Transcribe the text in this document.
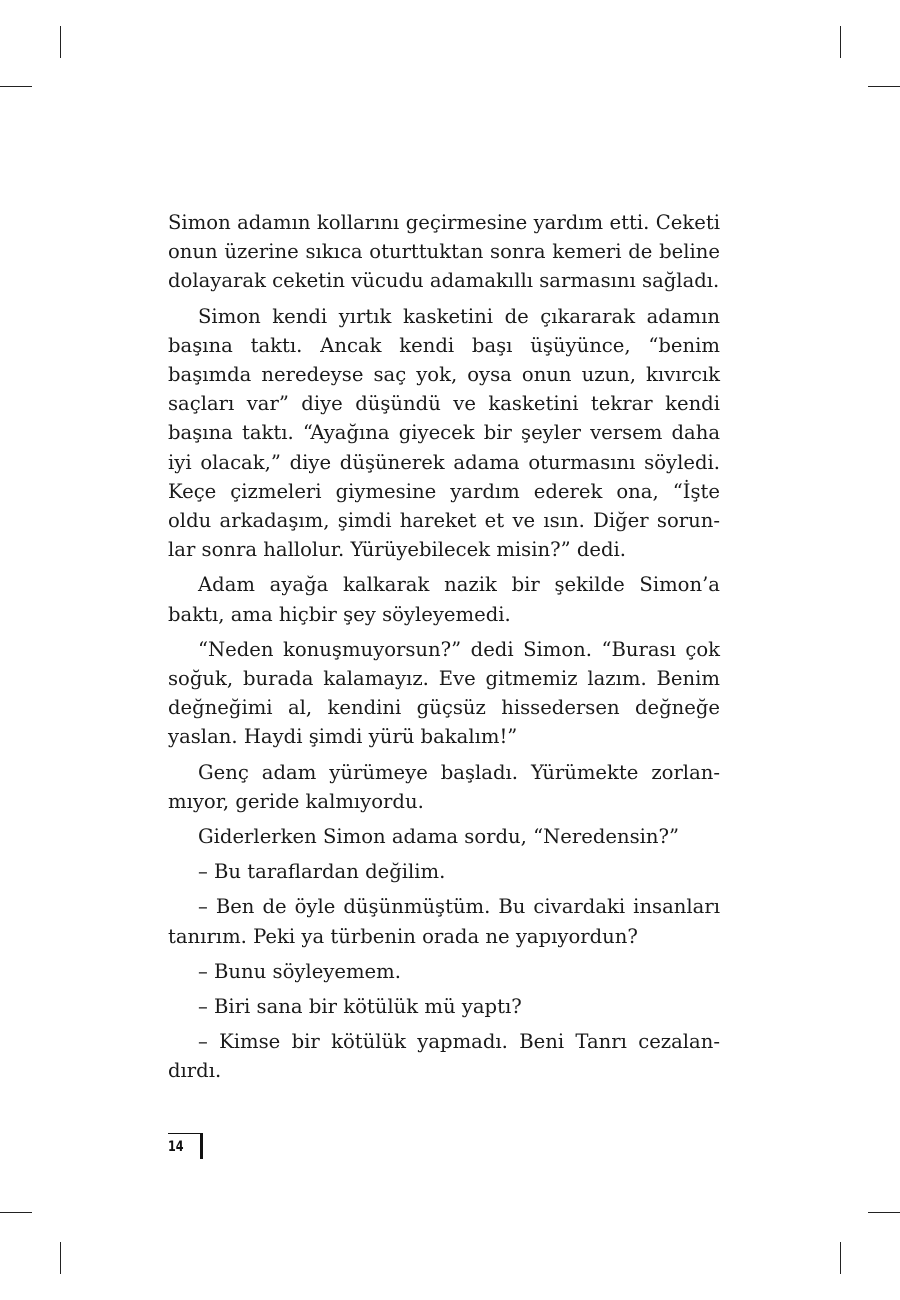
Simon adamın kollarını geçirmesine yardım etti. Ceketi onun üzerine sıkıca oturttuktan sonra kemeri de beline dolayarak ceketin vücudu adamakıllı sarmasını sağladı.

Simon kendi yırtık kasketini de çıkararak adamın başına taktı. Ancak kendi başı üşüyünce, “benim başımda neredeyse saç yok, oysa onun uzun, kıvırcık saçları var” diye düşündü ve kasketini tekrar kendi başına taktı. “Ayağına giyecek bir şeyler versem daha iyi olacak,” diye düşünerek adama oturmasını söyledi. Keçe çizmeleri giymesine yardım ederek ona, “İşte oldu arkadaşım, şimdi hareket et ve ısın. Diğer sorunlar sonra hallolur. Yürüyebilecek misin?” dedi.

Adam ayağa kalkarak nazik bir şekilde Simon’a baktı, ama hiçbir şey söyleyemedi.

“Neden konuşmuyorsun?” dedi Simon. “Burası çok soğuk, burada kalamayız. Eve gitmemiz lazım. Benim değneğimi al, kendini güçsüz hissedersen değneğe yaslan. Haydi şimdi yürü bakalım!”

Genç adam yürümeye başladı. Yürümekte zorlanmıyor, geride kalmıyordu.

Giderlerken Simon adama sordu, “Neredensin?”

– Bu taraflardan değilim.

– Ben de öyle düşünmüştüm. Bu civardaki insanları tanırım. Peki ya türbenin orada ne yapıyordun?

– Bunu söyleyemem.

– Biri sana bir kötülük mü yaptı?

– Kimse bir kötülük yapmadı. Beni Tanrı cezalandırdı.

14
